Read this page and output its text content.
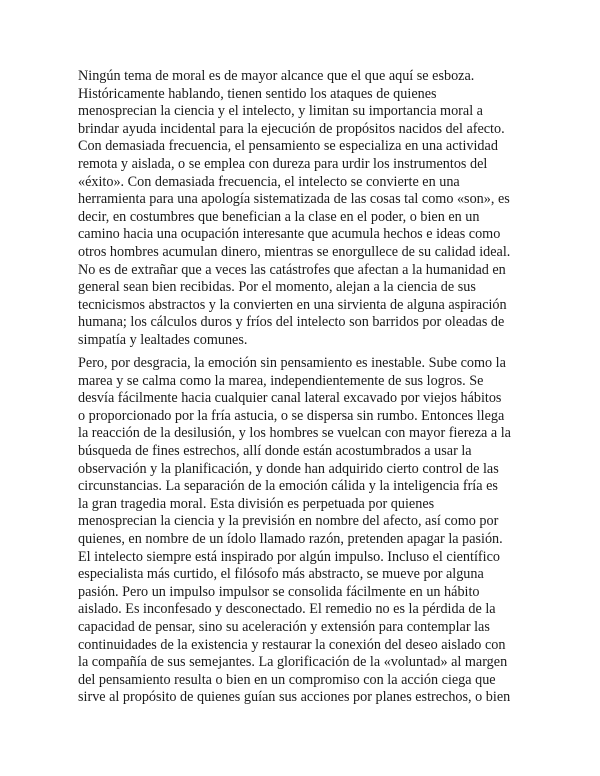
Ningún tema de moral es de mayor alcance que el que aquí se esboza.
Históricamente hablando, tienen sentido los ataques de quienes
menosprecian la ciencia y el intelecto, y limitan su importancia moral a
brindar ayuda incidental para la ejecución de propósitos nacidos del afecto.
Con demasiada frecuencia, el pensamiento se especializa en una actividad
remota y aislada, o se emplea con dureza para urdir los instrumentos del
«éxito». Con demasiada frecuencia, el intelecto se convierte en una
herramienta para una apología sistematizada de las cosas tal como «son», es
decir, en costumbres que benefician a la clase en el poder, o bien en un
camino hacia una ocupación interesante que acumula hechos e ideas como
otros hombres acumulan dinero, mientras se enorgullece de su calidad ideal.
No es de extrañar que a veces las catástrofes que afectan a la humanidad en
general sean bien recibidas. Por el momento, alejan a la ciencia de sus
tecnicismos abstractos y la convierten en una sirvienta de alguna aspiración
humana; los cálculos duros y fríos del intelecto son barridos por oleadas de
simpatía y lealtades comunes.
Pero, por desgracia, la emoción sin pensamiento es inestable. Sube como la
marea y se calma como la marea, independientemente de sus logros. Se
desvía fácilmente hacia cualquier canal lateral excavado por viejos hábitos
o proporcionado por la fría astucia, o se dispersa sin rumbo. Entonces llega
la reacción de la desilusión, y los hombres se vuelcan con mayor fiereza a la
búsqueda de fines estrechos, allí donde están acostumbrados a usar la
observación y la planificación, y donde han adquirido cierto control de las
circunstancias. La separación de la emoción cálida y la inteligencia fría es
la gran tragedia moral. Esta división es perpetuada por quienes
menosprecian la ciencia y la previsión en nombre del afecto, así como por
quienes, en nombre de un ídolo llamado razón, pretenden apagar la pasión.
El intelecto siempre está inspirado por algún impulso. Incluso el científico
especialista más curtido, el filósofo más abstracto, se mueve por alguna
pasión. Pero un impulso impulsor se consolida fácilmente en un hábito
aislado. Es inconfesado y desconectado. El remedio no es la pérdida de la
capacidad de pensar, sino su aceleración y extensión para contemplar las
continuidades de la existencia y restaurar la conexión del deseo aislado con
la compañía de sus semejantes. La glorificación de la «voluntad» al margen
del pensamiento resulta o bien en un compromiso con la acción ciega que
sirve al propósito de quienes guían sus acciones por planes estrechos, o bien
